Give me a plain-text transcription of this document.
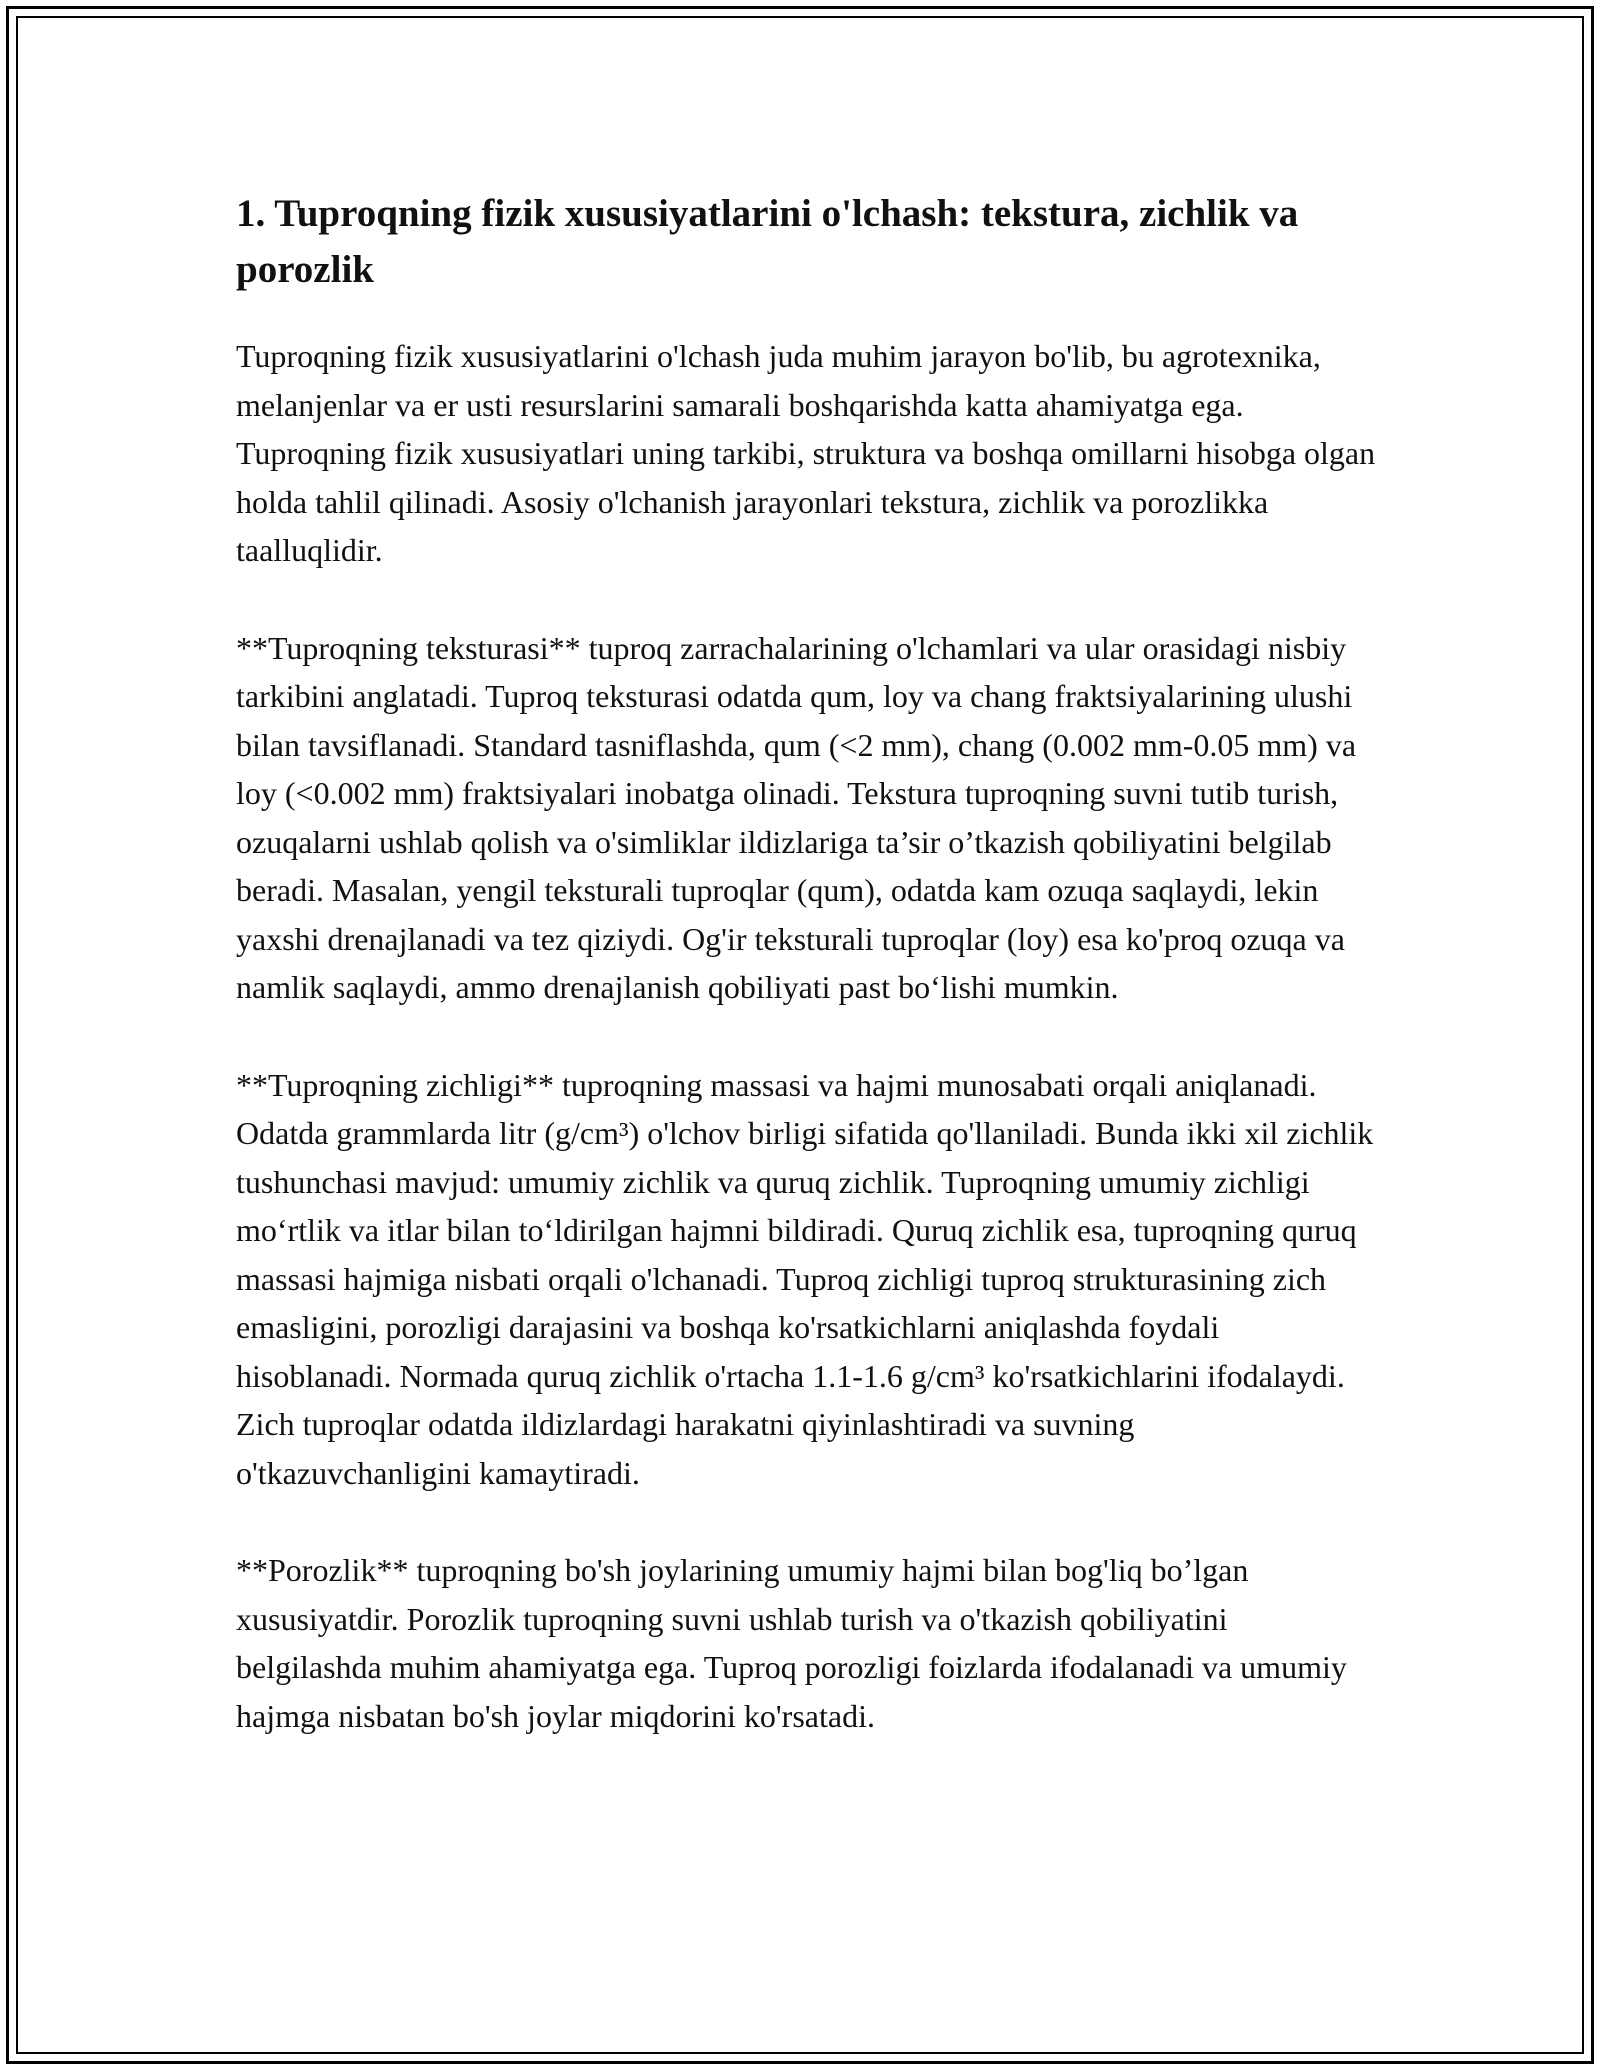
1. Tuproqning fizik xususiyatlarini o'lchash: tekstura, zichlik va porozlik

Tuproqning fizik xususiyatlarini o'lchash juda muhim jarayon bo'lib, bu agrotexnika, melanjenlar va er usti resurslarini samarali boshqarishda katta ahamiyatga ega. Tuproqning fizik xususiyatlari uning tarkibi, struktura va boshqa omillarni hisobga olgan holda tahlil qilinadi. Asosiy o'lchanish jarayonlari tekstura, zichlik va porozlikka taalluqlidir.

**Tuproqning teksturasi** tuproq zarrachalarining o'lchamlari va ular orasidagi nisbiy tarkibini anglatadi. Tuproq teksturasi odatda qum, loy va chang fraktsiyalarining ulushi bilan tavsiflanadi. Standard tasniflashda, qum (<2 mm), chang (0.002 mm-0.05 mm) va loy (<0.002 mm) fraktsiyalari inobatga olinadi. Tekstura tuproqning suvni tutib turish, ozuqalarni ushlab qolish va o'simliklar ildizlariga ta’sir o’tkazish qobiliyatini belgilab beradi. Masalan, yengil teksturali tuproqlar (qum), odatda kam ozuqa saqlaydi, lekin yaxshi drenajlanadi va tez qiziydi. Og'ir teksturali tuproqlar (loy) esa ko'proq ozuqa va namlik saqlaydi, ammo drenajlanish qobiliyati past bo‘lishi mumkin.

**Tuproqning zichligi** tuproqning massasi va hajmi munosabati orqali aniqlanadi. Odatda grammlarda litr (g/cm³) o'lchov birligi sifatida qo'llaniladi. Bunda ikki xil zichlik tushunchasi mavjud: umumiy zichlik va quruq zichlik. Tuproqning umumiy zichligi mo‘rtlik va itlar bilan to‘ldirilgan hajmni bildiradi. Quruq zichlik esa, tuproqning quruq massasi hajmiga nisbati orqali o'lchanadi. Tuproq zichligi tuproq strukturasining zich emasligini, porozligi darajasini va boshqa ko'rsatkichlarni aniqlashda foydali hisoblanadi. Normada quruq zichlik o'rtacha 1.1-1.6 g/cm³ ko'rsatkichlarini ifodalaydi. Zich tuproqlar odatda ildizlardagi harakatni qiyinlashtiradi va suvning o'tkazuvchanligini kamaytiradi.

**Porozlik** tuproqning bo'sh joylarining umumiy hajmi bilan bog'liq bo’lgan xususiyatdir. Porozlik tuproqning suvni ushlab turish va o'tkazish qobiliyatini belgilashda muhim ahamiyatga ega. Tuproq porozligi foizlarda ifodalanadi va umumiy hajmga nisbatan bo'sh joylar miqdorini ko'rsatadi.
